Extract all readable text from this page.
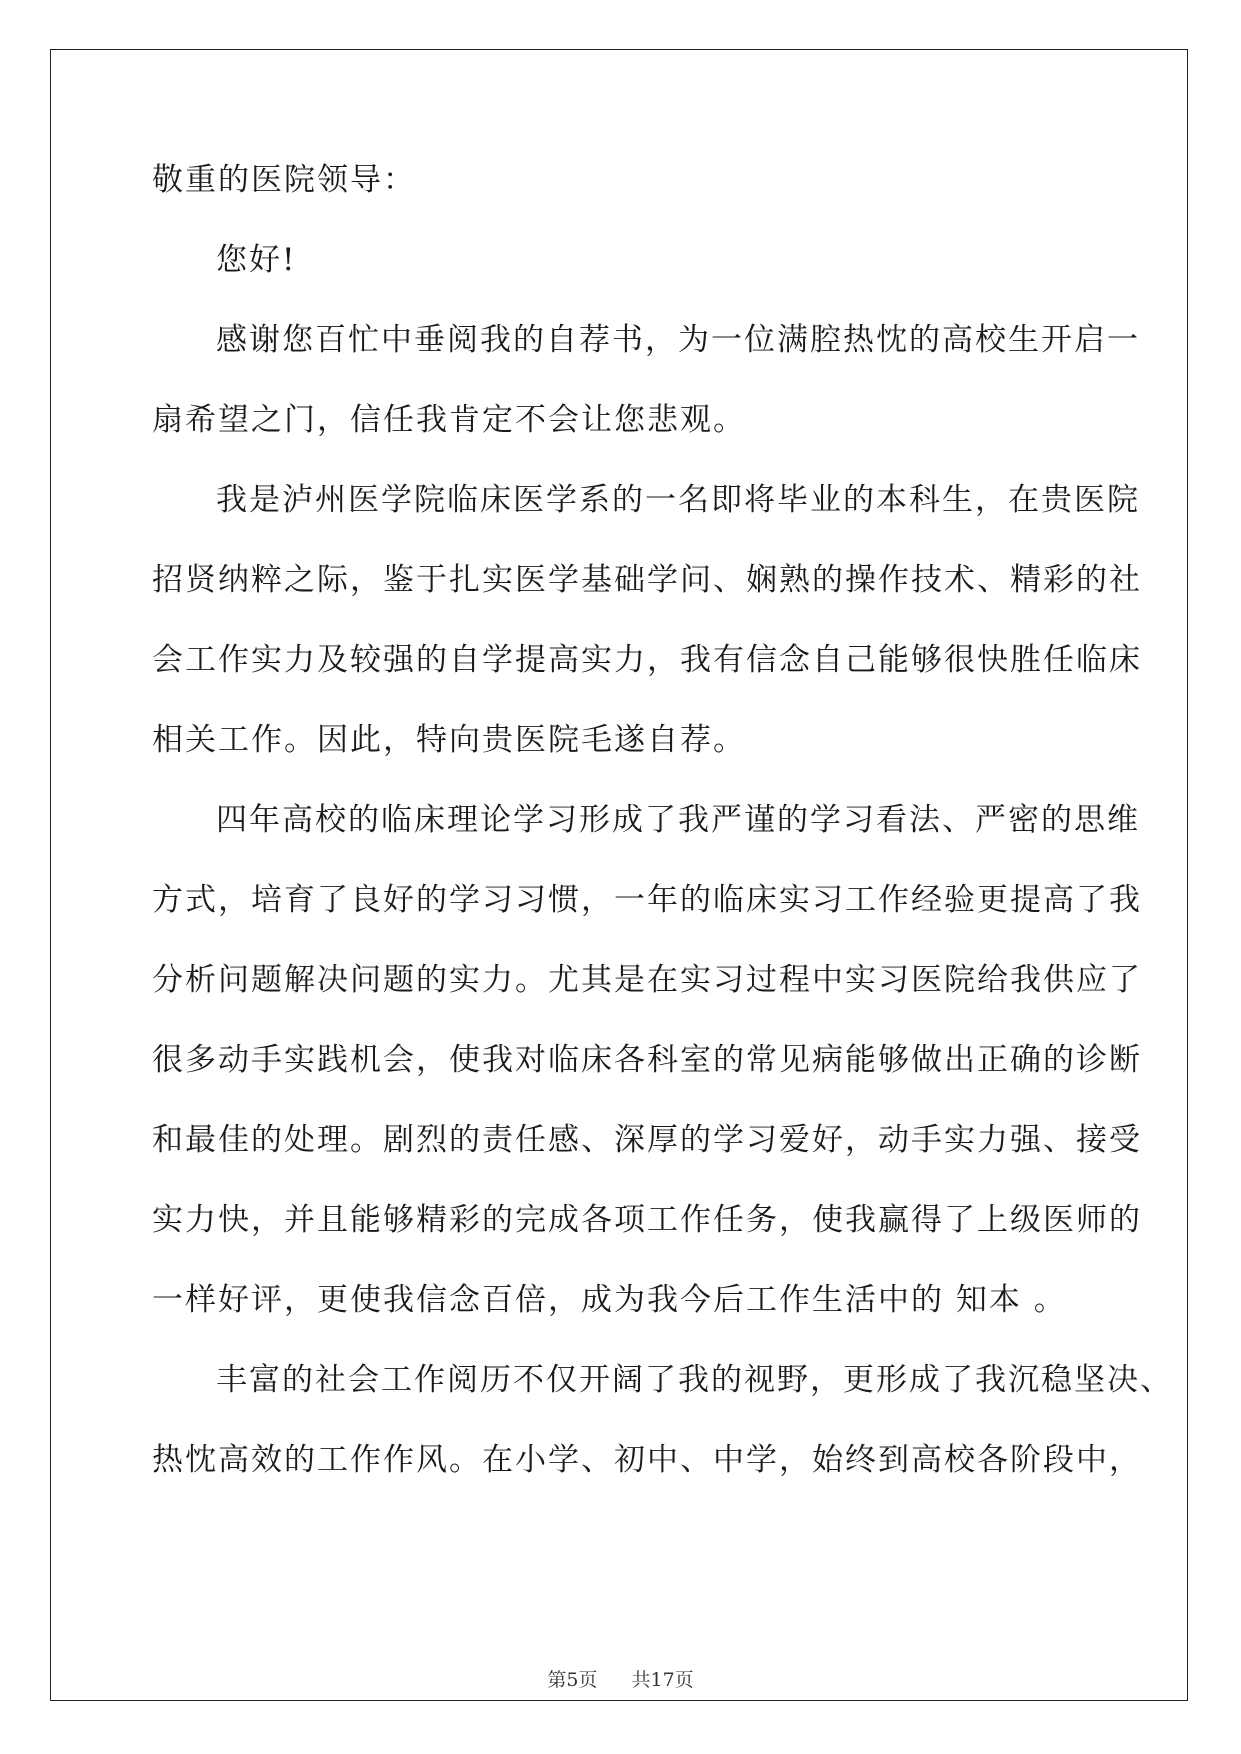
敬重的医院领导：
您好!
感谢您百忙中垂阅我的自荐书，为一位满腔热忱的高校生开启一
扇希望之门，信任我肯定不会让您悲观。
我是泸州医学院临床医学系的一名即将毕业的本科生，在贵医院
招贤纳粹之际，鉴于扎实医学基础学问、娴熟的操作技术、精彩的社
会工作实力及较强的自学提高实力，我有信念自己能够很快胜任临床
相关工作。因此，特向贵医院毛遂自荐。
四年高校的临床理论学习形成了我严谨的学习看法、严密的思维
方式，培育了良好的学习习惯，一年的临床实习工作经验更提高了我
分析问题解决问题的实力。尤其是在实习过程中实习医院给我供应了
很多动手实践机会，使我对临床各科室的常见病能够做出正确的诊断
和最佳的处理。剧烈的责任感、深厚的学习爱好，动手实力强、接受
实力快，并且能够精彩的完成各项工作任务，使我赢得了上级医师的
一样好评，更使我信念百倍，成为我今后工作生活中的 知本 。
丰富的社会工作阅历不仅开阔了我的视野，更形成了我沉稳坚决、
热忱高效的工作作风。在小学、初中、中学，始终到高校各阶段中，
第5页 共17页
